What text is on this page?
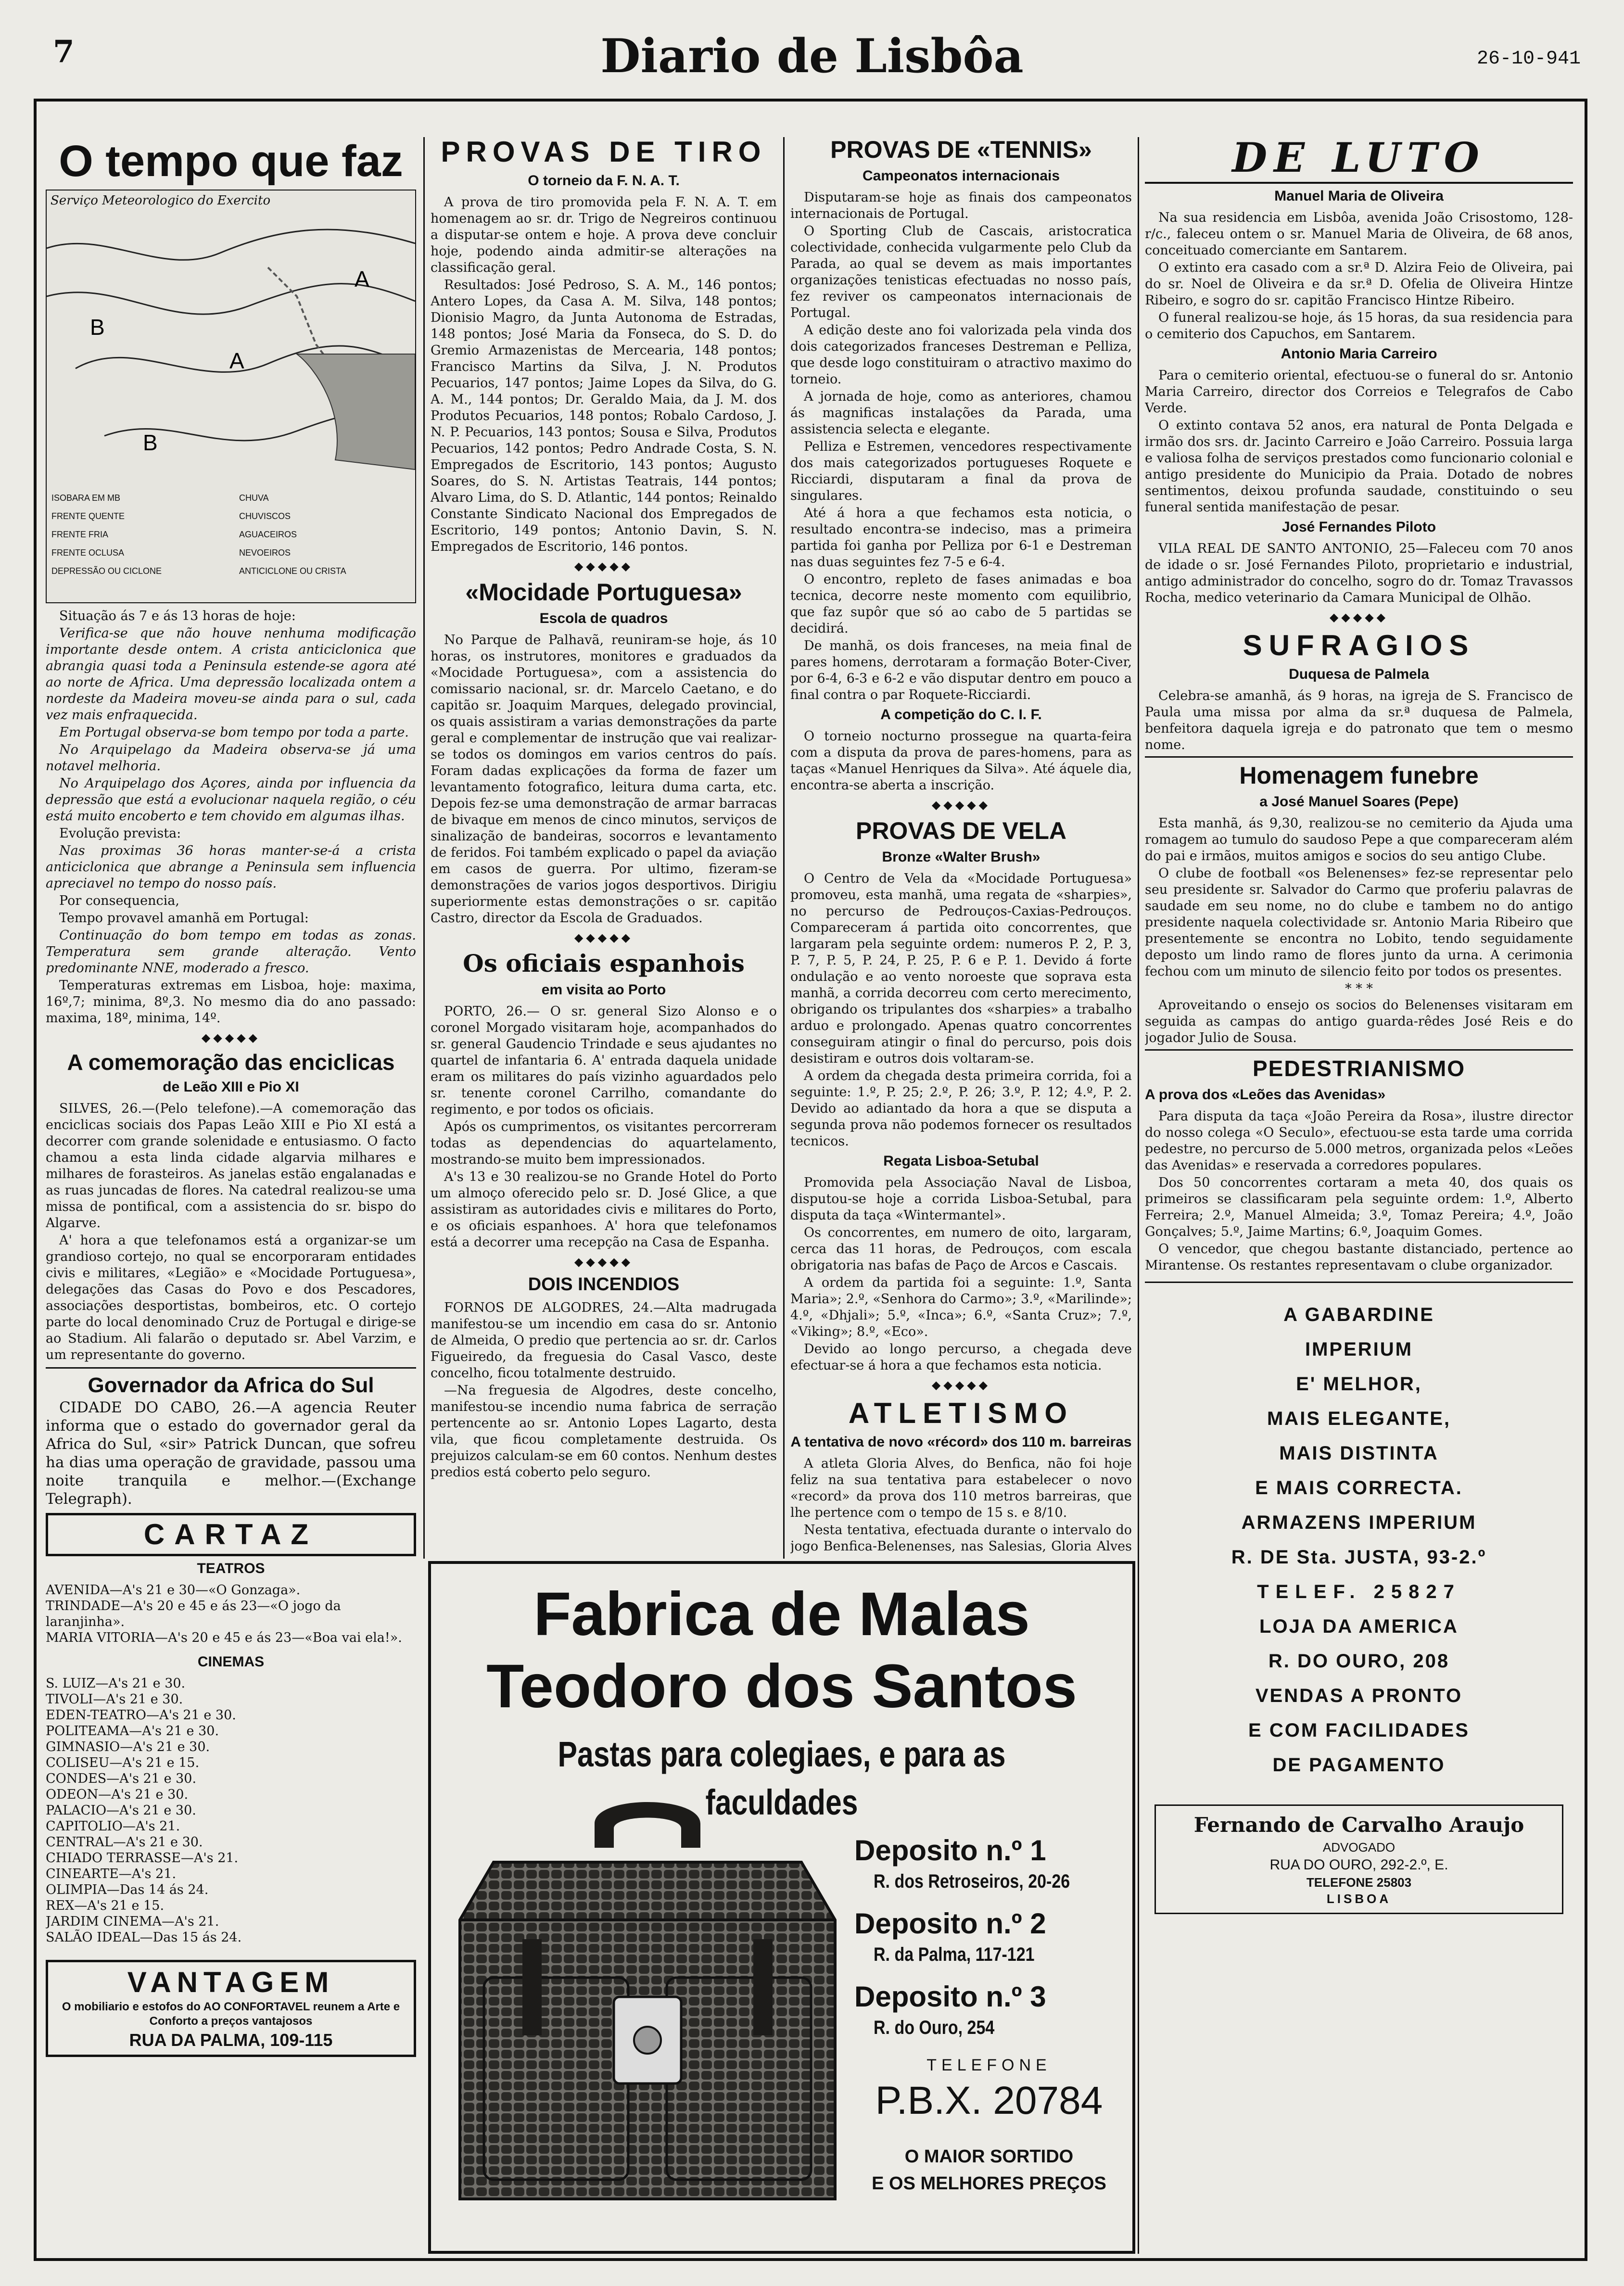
7	Diario de Lisbôa	26-10-941
O tempo que faz
Serviço Meteorologico do Exercito
A
A
B
B
ISOBARA EM MB
FRENTE QUENTE
FRENTE FRIA
FRENTE OCLUSA
DEPRESSÃO OU CICLONE
CHUVA
CHUVISCOS
AGUACEIROS
NEVOEIROS
ANTICICLONE OU CRISTA

Situação ás 7 e ás 13 horas de hoje:

Verifica-se que não houve nenhuma modificação importante desde ontem. A crista anticiclonica que abrangia quasi toda a Peninsula estende-se agora até ao norte de Africa. Uma depressão localizada ontem a nordeste da Madeira moveu-se ainda para o sul, cada vez mais enfraquecida.

Em Portugal observa-se bom tempo por toda a parte.

No Arquipelago da Madeira observa-se já uma notavel melhoria.

No Arquipelago dos Açores, ainda por influencia da depressão que está a evolucionar naquela região, o céu está muito encoberto e tem chovido em algumas ilhas.

Evolução prevista:

Nas proximas 36 horas manter-se-á a crista anticiclonica que abrange a Peninsula sem influencia apreciavel no tempo do nosso país.

Por consequencia,

Tempo provavel amanhã em Portugal:

Continuação do bom tempo em todas as zonas. Temperatura sem grande alteração. Vento predominante NNE, moderado a fresco.

Temperaturas extremas em Lisboa, hoje: maxima, 16º,7; minima, 8º,3. No mesmo dia do ano passado: maxima, 18º, minima, 14º.

◆◆◆◆◆
A comemoração das enciclicas
de Leão XIII e Pio XI

SILVES, 26.—(Pelo telefone).—A comemoração das enciclicas sociais dos Papas Leão XIII e Pio XI está a decorrer com grande solenidade e entusiasmo. O facto chamou a esta linda cidade algarvia milhares e milhares de forasteiros. As janelas estão engalanadas e as ruas juncadas de flores. Na catedral realizou-se uma missa de pontifical, com a assistencia do sr. bispo do Algarve.

A' hora a que telefonamos está a organizar-se um grandioso cortejo, no qual se encorporaram entidades civis e militares, «Legião» e «Mocidade Portuguesa», delegações das Casas do Povo e dos Pescadores, associações desportistas, bombeiros, etc. O cortejo parte do local denominado Cruz de Portugal e dirige-se ao Stadium. Ali falarão o deputado sr. Abel Varzim, e um representante do governo.

Governador da Africa do Sul

CIDADE DO CABO, 26.—A agencia Reuter informa que o estado do governador geral da Africa do Sul, «sir» Patrick Duncan, que sofreu ha dias uma operação de gravidade, passou uma noite tranquila e melhor.—(Exchange Telegraph).

CARTAZ
TEATROS
AVENIDA—A's 21 e 30—«O Gonzaga».
TRINDADE—A's 20 e 45 e ás 23—«O jogo da laranjinha».
MARIA VITORIA—A's 20 e 45 e ás 23—«Boa vai ela!».
CINEMAS
S. LUIZ—A's 21 e 30.
TIVOLI—A's 21 e 30.
EDEN-TEATRO—A's 21 e 30.
POLITEAMA—A's 21 e 30.
GIMNASIO—A's 21 e 30.
COLISEU—A's 21 e 15.
CONDES—A's 21 e 30.
ODEON—A's 21 e 30.
PALACIO—A's 21 e 30.
CAPITOLIO—A's 21.
CENTRAL—A's 21 e 30.
CHIADO TERRASSE—A's 21.
CINEARTE—A's 21.
OLIMPIA—Das 14 ás 24.
REX—A's 21 e 15.
JARDIM CINEMA—A's 21.
SALÃO IDEAL—Das 15 ás 24.
VANTAGEM
O mobiliario e estofos do AO CONFORTAVEL reunem a Arte e Conforto a preços vantajosos
RUA DA PALMA, 109-115
PROVAS DE TIRO
O torneio da F. N. A. T.

A prova de tiro promovida pela F. N. A. T. em homenagem ao sr. dr. Trigo de Negreiros continuou a disputar-se ontem e hoje. A prova deve concluir hoje, podendo ainda admitir-se alterações na classificação geral.

Resultados: José Pedroso, S. A. M., 146 pontos; Antero Lopes, da Casa A. M. Silva, 148 pontos; Dionisio Magro, da Junta Autonoma de Estradas, 148 pontos; José Maria da Fonseca, do S. D. do Gremio Armazenistas de Mercearia, 148 pontos; Francisco Martins da Silva, J. N. Produtos Pecuarios, 147 pontos; Jaime Lopes da Silva, do G. A. M., 144 pontos; Dr. Geraldo Maia, da J. M. dos Produtos Pecuarios, 148 pontos; Robalo Cardoso, J. N. P. Pecuarios, 143 pontos; Sousa e Silva, Produtos Pecuarios, 142 pontos; Pedro Andrade Costa, S. N. Empregados de Escritorio, 143 pontos; Augusto Soares, do S. N. Artistas Teatrais, 144 pontos; Alvaro Lima, do S. D. Atlantic, 144 pontos; Reinaldo Constante Sindicato Nacional dos Empregados de Escritorio, 149 pontos; Antonio Davin, S. N. Empregados de Escritorio, 146 pontos.

◆◆◆◆◆
«Mocidade Portuguesa»
Escola de quadros

No Parque de Palhavã, reuniram-se hoje, ás 10 horas, os instrutores, monitores e graduados da «Mocidade Portuguesa», com a assistencia do comissario nacional, sr. dr. Marcelo Caetano, e do capitão sr. Joaquim Marques, delegado provincial, os quais assistiram a varias demonstrações da parte geral e complementar de instrução que vai realizar-se todos os domingos em varios centros do país. Foram dadas explicações da forma de fazer um levantamento fotografico, leitura duma carta, etc. Depois fez-se uma demonstração de armar barracas de bivaque em menos de cinco minutos, serviços de sinalização de bandeiras, socorros e levantamento de feridos. Foi também explicado o papel da aviação em casos de guerra. Por ultimo, fizeram-se demonstrações de varios jogos desportivos. Dirigiu superiormente estas demonstrações o sr. capitão Castro, director da Escola de Graduados.

◆◆◆◆◆
Os oficiais espanhois
em visita ao Porto

PORTO, 26.— O sr. general Sizo Alonso e o coronel Morgado visitaram hoje, acompanhados do sr. general Gaudencio Trindade e seus ajudantes no quartel de infantaria 6. A' entrada daquela unidade eram os militares do país vizinho aguardados pelo sr. tenente coronel Carrilho, comandante do regimento, e por todos os oficiais.

Após os cumprimentos, os visitantes percorreram todas as dependencias do aquartelamento, mostrando-se muito bem impressionados.

A's 13 e 30 realizou-se no Grande Hotel do Porto um almoço oferecido pelo sr. D. José Glice, a que assistiram as autoridades civis e militares do Porto, e os oficiais espanhoes. A' hora que telefonamos está a decorrer uma recepção na Casa de Espanha.

◆◆◆◆◆
DOIS INCENDIOS

FORNOS DE ALGODRES, 24.—Alta madrugada manifestou-se um incendio em casa do sr. Antonio de Almeida, O predio que pertencia ao sr. dr. Carlos Figueiredo, da freguesia do Casal Vasco, deste concelho, ficou totalmente destruido.

—Na freguesia de Algodres, deste concelho, manifestou-se incendio numa fabrica de serração pertencente ao sr. Antonio Lopes Lagarto, desta vila, que ficou completamente destruida. Os prejuizos calculam-se em 60 contos. Nenhum destes predios está coberto pelo seguro.

PROVAS DE «TENNIS»
Campeonatos internacionais

Disputaram-se hoje as finais dos campeonatos internacionais de Portugal.

O Sporting Club de Cascais, aristocratica colectividade, conhecida vulgarmente pelo Club da Parada, ao qual se devem as mais importantes organizações tenisticas efectuadas no nosso país, fez reviver os campeonatos internacionais de Portugal.

A edição deste ano foi valorizada pela vinda dos dois categorizados franceses Destreman e Pelliza, que desde logo constituiram o atractivo maximo do torneio.

A jornada de hoje, como as anteriores, chamou ás magnificas instalações da Parada, uma assistencia selecta e elegante.

Pelliza e Estremen, vencedores respectivamente dos mais categorizados portugueses Roquete e Ricciardi, disputaram a final da prova de singulares.

Até á hora a que fechamos esta noticia, o resultado encontra-se indeciso, mas a primeira partida foi ganha por Pelliza por 6-1 e Destreman nas duas seguintes fez 7-5 e 6-4.

O encontro, repleto de fases animadas e boa tecnica, decorre neste momento com equilibrio, que faz supôr que só ao cabo de 5 partidas se decidirá.

De manhã, os dois franceses, na meia final de pares homens, derrotaram a formação Boter-Civer, por 6-4, 6-3 e 6-2 e vão disputar dentro em pouco a final contra o par Roquete-Ricciardi.

A competição do C. I. F.

O torneio nocturno prossegue na quarta-feira com a disputa da prova de pares-homens, para as taças «Manuel Henriques da Silva». Até áquele dia, encontra-se aberta a inscrição.

◆◆◆◆◆
PROVAS DE VELA
Bronze «Walter Brush»

O Centro de Vela da «Mocidade Portuguesa» promoveu, esta manhã, uma regata de «sharpies», no percurso de Pedrouços-Caxias-Pedrouços. Compareceram á partida oito concorrentes, que largaram pela seguinte ordem: numeros P. 2, P. 3, P. 7, P. 5, P. 24, P. 25, P. 6 e P. 1. Devido á forte ondulação e ao vento noroeste que soprava esta manhã, a corrida decorreu com certo merecimento, obrigando os tripulantes dos «sharpies» a trabalho arduo e prolongado. Apenas quatro concorrentes conseguiram atingir o final do percurso, pois dois desistiram e outros dois voltaram-se.

A ordem da chegada desta primeira corrida, foi a seguinte: 1.º, P. 25; 2.º, P. 26; 3.º, P. 12; 4.º, P. 2. Devido ao adiantado da hora a que se disputa a segunda prova não podemos fornecer os resultados tecnicos.

Regata Lisboa-Setubal

Promovida pela Associação Naval de Lisboa, disputou-se hoje a corrida Lisboa-Setubal, para disputa da taça «Wintermantel».

Os concorrentes, em numero de oito, largaram, cerca das 11 horas, de Pedrouços, com escala obrigatoria nas bafas de Paço de Arcos e Cascais.

A ordem da partida foi a seguinte: 1.º, Santa Maria»; 2.º, «Senhora do Carmo»; 3.º, «Marilinde»; 4.º, «Dhjali»; 5.º, «Inca»; 6.º, «Santa Cruz»; 7.º, «Viking»; 8.º, «Eco».

Devido ao longo percurso, a chegada deve efectuar-se á hora a que fechamos esta noticia.

◆◆◆◆◆
ATLETISMO
A tentativa de novo «récord» dos 110 m. barreiras

A atleta Gloria Alves, do Benfica, não foi hoje feliz na sua tentativa para estabelecer o novo «record» da prova dos 110 metros barreiras, que lhe pertence com o tempo de 15 s. e 8/10.

Nesta tentativa, efectuada durante o intervalo do jogo Benfica-Belenenses, nas Salesias, Gloria Alves

DE LUTO
Manuel Maria de Oliveira

Na sua residencia em Lisbôa, avenida João Crisostomo, 128-r/c., faleceu ontem o sr. Manuel Maria de Oliveira, de 68 anos, conceituado comerciante em Santarem.

O extinto era casado com a sr.ª D. Alzira Feio de Oliveira, pai do sr. Noel de Oliveira e da sr.ª D. Ofelia de Oliveira Hintze Ribeiro, e sogro do sr. capitão Francisco Hintze Ribeiro.

O funeral realizou-se hoje, ás 15 horas, da sua residencia para o cemiterio dos Capuchos, em Santarem.

Antonio Maria Carreiro

Para o cemiterio oriental, efectuou-se o funeral do sr. Antonio Maria Carreiro, director dos Correios e Telegrafos de Cabo Verde.

O extinto contava 52 anos, era natural de Ponta Delgada e irmão dos srs. dr. Jacinto Carreiro e João Carreiro. Possuia larga e valiosa folha de serviços prestados como funcionario colonial e antigo presidente do Municipio da Praia. Dotado de nobres sentimentos, deixou profunda saudade, constituindo o seu funeral sentida manifestação de pesar.

José Fernandes Piloto

VILA REAL DE SANTO ANTONIO, 25—Faleceu com 70 anos de idade o sr. José Fernandes Piloto, proprietario e industrial, antigo administrador do concelho, sogro do dr. Tomaz Travassos Rocha, medico veterinario da Camara Municipal de Olhão.

◆◆◆◆◆
SUFRAGIOS
Duquesa de Palmela

Celebra-se amanhã, ás 9 horas, na igreja de S. Francisco de Paula uma missa por alma da sr.ª duquesa de Palmela, benfeitora daquela igreja e do patronato que tem o mesmo nome.

Homenagem funebre
a José Manuel Soares (Pepe)

Esta manhã, ás 9,30, realizou-se no cemiterio da Ajuda uma romagem ao tumulo do saudoso Pepe a que compareceram além do pai e irmãos, muitos amigos e socios do seu antigo Clube.

O clube de football «os Belenenses» fez-se representar pelo seu presidente sr. Salvador do Carmo que proferiu palavras de saudade em seu nome, no do clube e tambem no do antigo presidente naquela colectividade sr. Antonio Maria Ribeiro que presentemente se encontra no Lobito, tendo seguidamente deposto um lindo ramo de flores junto da urna. A cerimonia fechou com um minuto de silencio feito por todos os presentes.

* * *

Aproveitando o ensejo os socios do Belenenses visitaram em seguida as campas do antigo guarda-rêdes José Reis e do jogador Julio de Sousa.

PEDESTRIANISMO
A prova dos «Leões das Avenidas»

Para disputa da taça «João Pereira da Rosa», ilustre director do nosso colega «O Seculo», efectuou-se esta tarde uma corrida pedestre, no percurso de 5.000 metros, organizada pelos «Leões das Avenidas» e reservada a corredores populares.

Dos 50 concorrentes cortaram a meta 40, dos quais os primeiros se classificaram pela seguinte ordem: 1.º, Alberto Ferreira; 2.º, Manuel Almeida; 3.º, Tomaz Pereira; 4.º, João Gonçalves; 5.º, Jaime Martins; 6.º, Joaquim Gomes.

O vencedor, que chegou bastante distanciado, pertence ao Mirantense. Os restantes representavam o clube organizador.

A GABARDINE
IMPERIUM
E' MELHOR,
MAIS ELEGANTE,
MAIS DISTINTA
E MAIS CORRECTA.
ARMAZENS IMPERIUM
R. DE Sta. JUSTA, 93-2.º
TELEF. 25827
LOJA DA AMERICA
R. DO OURO, 208
VENDAS A PRONTO
E COM FACILIDADES
DE PAGAMENTO
Fernando de Carvalho Araujo
ADVOGADO
RUA DO OURO, 292-2.º, E.
TELEFONE 25803
LISBOA
Fabrica de Malas
Teodoro dos Santos
Pastas para colegiaes, e para as faculdades
Deposito n.º 1
R. dos Retroseiros, 20-26
Deposito n.º 2
R. da Palma, 117-121
Deposito n.º 3
R. do Ouro, 254
TELEFONE
P.B.X. 20784
O MAIOR SORTIDO
E OS MELHORES PREÇOS
